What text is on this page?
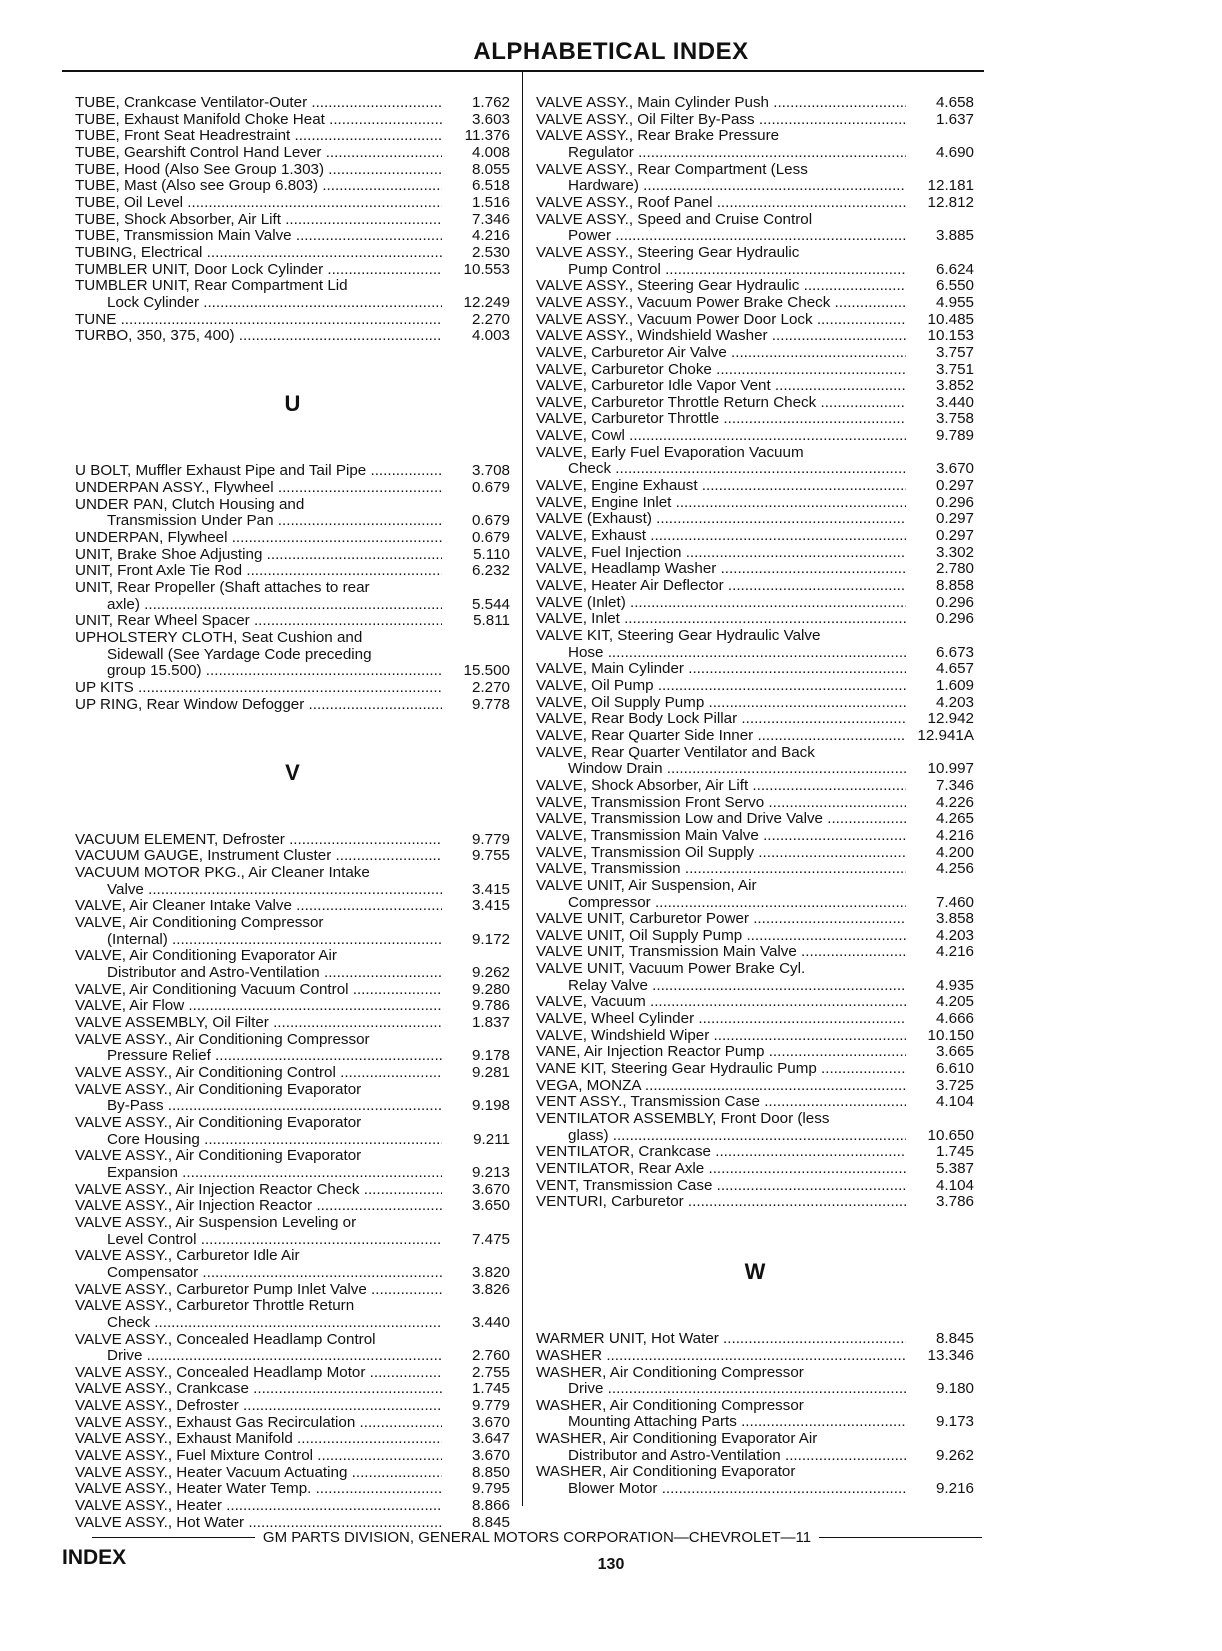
ALPHABETICAL INDEX
TUBE, Crankcase Ventilator-Outer .....	1.762
TUBE, Exhaust Manifold Choke Heat .....	3.603
TUBE, Front Seat Headrestraint .....	11.376
TUBE, Gearshift Control Hand Lever .....	4.008
TUBE, Hood (Also See Group 1.303) .....	8.055
TUBE, Mast (Also see Group 6.803) .....	6.518
TUBE, Oil Level .....	1.516
TUBE, Shock Absorber, Air Lift .....	7.346
TUBE, Transmission Main Valve .....	4.216
TUBING, Electrical .....	2.530
TUMBLER UNIT, Door Lock Cylinder .....	10.553
TUMBLER UNIT, Rear Compartment Lid
Lock Cylinder .....	12.249
TUNE .....	2.270
TURBO, 350, 375, 400) .....	4.003
U
U BOLT, Muffler Exhaust Pipe and Tail Pipe .....	3.708
UNDERPAN ASSY., Flywheel .....	0.679
UNDER PAN, Clutch Housing and
Transmission Under Pan .....	0.679
UNDERPAN, Flywheel .....	0.679
UNIT, Brake Shoe Adjusting .....	5.110
UNIT, Front Axle Tie Rod .....	6.232
UNIT, Rear Propeller (Shaft attaches to rear
axle) .....	5.544
UNIT, Rear Wheel Spacer .....	5.811
UPHOLSTERY CLOTH, Seat Cushion and
Sidewall (See Yardage Code preceding
group 15.500) .....	15.500
UP KITS .....	2.270
UP RING, Rear Window Defogger .....	9.778
V
VACUUM ELEMENT, Defroster .....	9.779
VACUUM GAUGE, Instrument Cluster .....	9.755
VACUUM MOTOR PKG., Air Cleaner Intake
Valve .....	3.415
VALVE, Air Cleaner Intake Valve .....	3.415
VALVE, Air Conditioning Compressor
(Internal) .....	9.172
VALVE, Air Conditioning Evaporator Air
Distributor and Astro-Ventilation .....	9.262
VALVE, Air Conditioning Vacuum Control .....	9.280
VALVE, Air Flow .....	9.786
VALVE ASSEMBLY, Oil Filter .....	1.837
VALVE ASSY., Air Conditioning Compressor
Pressure Relief .....	9.178
VALVE ASSY., Air Conditioning Control .....	9.281
VALVE ASSY., Air Conditioning Evaporator
By-Pass .....	9.198
VALVE ASSY., Air Conditioning Evaporator
Core Housing .....	9.211
VALVE ASSY., Air Conditioning Evaporator
Expansion .....	9.213
VALVE ASSY., Air Injection Reactor Check .....	3.670
VALVE ASSY., Air Injection Reactor .....	3.650
VALVE ASSY., Air Suspension Leveling or
Level Control .....	7.475
VALVE ASSY., Carburetor Idle Air
Compensator .....	3.820
VALVE ASSY., Carburetor Pump Inlet Valve .....	3.826
VALVE ASSY., Carburetor Throttle Return
Check .....	3.440
VALVE ASSY., Concealed Headlamp Control
Drive .....	2.760
VALVE ASSY., Concealed Headlamp Motor .....	2.755
VALVE ASSY., Crankcase .....	1.745
VALVE ASSY., Defroster .....	9.779
VALVE ASSY., Exhaust Gas Recirculation .....	3.670
VALVE ASSY., Exhaust Manifold .....	3.647
VALVE ASSY., Fuel Mixture Control .....	3.670
VALVE ASSY., Heater Vacuum Actuating .....	8.850
VALVE ASSY., Heater Water Temp. .....	9.795
VALVE ASSY., Heater .....	8.866
VALVE ASSY., Hot Water .....	8.845
VALVE ASSY., Main Cylinder Push .....	4.658
VALVE ASSY., Oil Filter By-Pass .....	1.637
VALVE ASSY., Rear Brake Pressure
Regulator .....	4.690
VALVE ASSY., Rear Compartment (Less
Hardware) .....	12.181
VALVE ASSY., Roof Panel .....	12.812
VALVE ASSY., Speed and Cruise Control
Power .....	3.885
VALVE ASSY., Steering Gear Hydraulic
Pump Control .....	6.624
VALVE ASSY., Steering Gear Hydraulic .....	6.550
VALVE ASSY., Vacuum Power Brake Check .....	4.955
VALVE ASSY., Vacuum Power Door Lock .....	10.485
VALVE ASSY., Windshield Washer .....	10.153
VALVE, Carburetor Air Valve .....	3.757
VALVE, Carburetor Choke .....	3.751
VALVE, Carburetor Idle Vapor Vent .....	3.852
VALVE, Carburetor Throttle Return Check .....	3.440
VALVE, Carburetor Throttle .....	3.758
VALVE, Cowl .....	9.789
VALVE, Early Fuel Evaporation Vacuum
Check .....	3.670
VALVE, Engine Exhaust .....	0.297
VALVE, Engine Inlet .....	0.296
VALVE (Exhaust) .....	0.297
VALVE, Exhaust .....	0.297
VALVE, Fuel Injection .....	3.302
VALVE, Headlamp Washer .....	2.780
VALVE, Heater Air Deflector .....	8.858
VALVE (Inlet) .....	0.296
VALVE, Inlet .....	0.296
VALVE KIT, Steering Gear Hydraulic Valve
Hose .....	6.673
VALVE, Main Cylinder .....	4.657
VALVE, Oil Pump .....	1.609
VALVE, Oil Supply Pump .....	4.203
VALVE, Rear Body Lock Pillar .....	12.942
VALVE, Rear Quarter Side Inner .....	12.941A
VALVE, Rear Quarter Ventilator and Back
Window Drain .....	10.997
VALVE, Shock Absorber, Air Lift .....	7.346
VALVE, Transmission Front Servo .....	4.226
VALVE, Transmission Low and Drive Valve .....	4.265
VALVE, Transmission Main Valve .....	4.216
VALVE, Transmission Oil Supply .....	4.200
VALVE, Transmission .....	4.256
VALVE UNIT, Air Suspension, Air
Compressor .....	7.460
VALVE UNIT, Carburetor Power .....	3.858
VALVE UNIT, Oil Supply Pump .....	4.203
VALVE UNIT, Transmission Main Valve .....	4.216
VALVE UNIT, Vacuum Power Brake Cyl.
Relay Valve .....	4.935
VALVE, Vacuum .....	4.205
VALVE, Wheel Cylinder .....	4.666
VALVE, Windshield Wiper .....	10.150
VANE, Air Injection Reactor Pump .....	3.665
VANE KIT, Steering Gear Hydraulic Pump .....	6.610
VEGA, MONZA .....	3.725
VENT ASSY., Transmission Case .....	4.104
VENTILATOR ASSEMBLY, Front Door (less
glass) .....	10.650
VENTILATOR, Crankcase .....	1.745
VENTILATOR, Rear Axle .....	5.387
VENT, Transmission Case .....	4.104
VENTURI, Carburetor .....	3.786
W
WARMER UNIT, Hot Water .....	8.845
WASHER .....	13.346
WASHER, Air Conditioning Compressor
Drive .....	9.180
WASHER, Air Conditioning Compressor
Mounting Attaching Parts .....	9.173
WASHER, Air Conditioning Evaporator Air
Distributor and Astro-Ventilation .....	9.262
WASHER, Air Conditioning Evaporator
Blower Motor .....	9.216
GM PARTS DIVISION, GENERAL MOTORS CORPORATION—CHEVROLET—11
INDEX	130
